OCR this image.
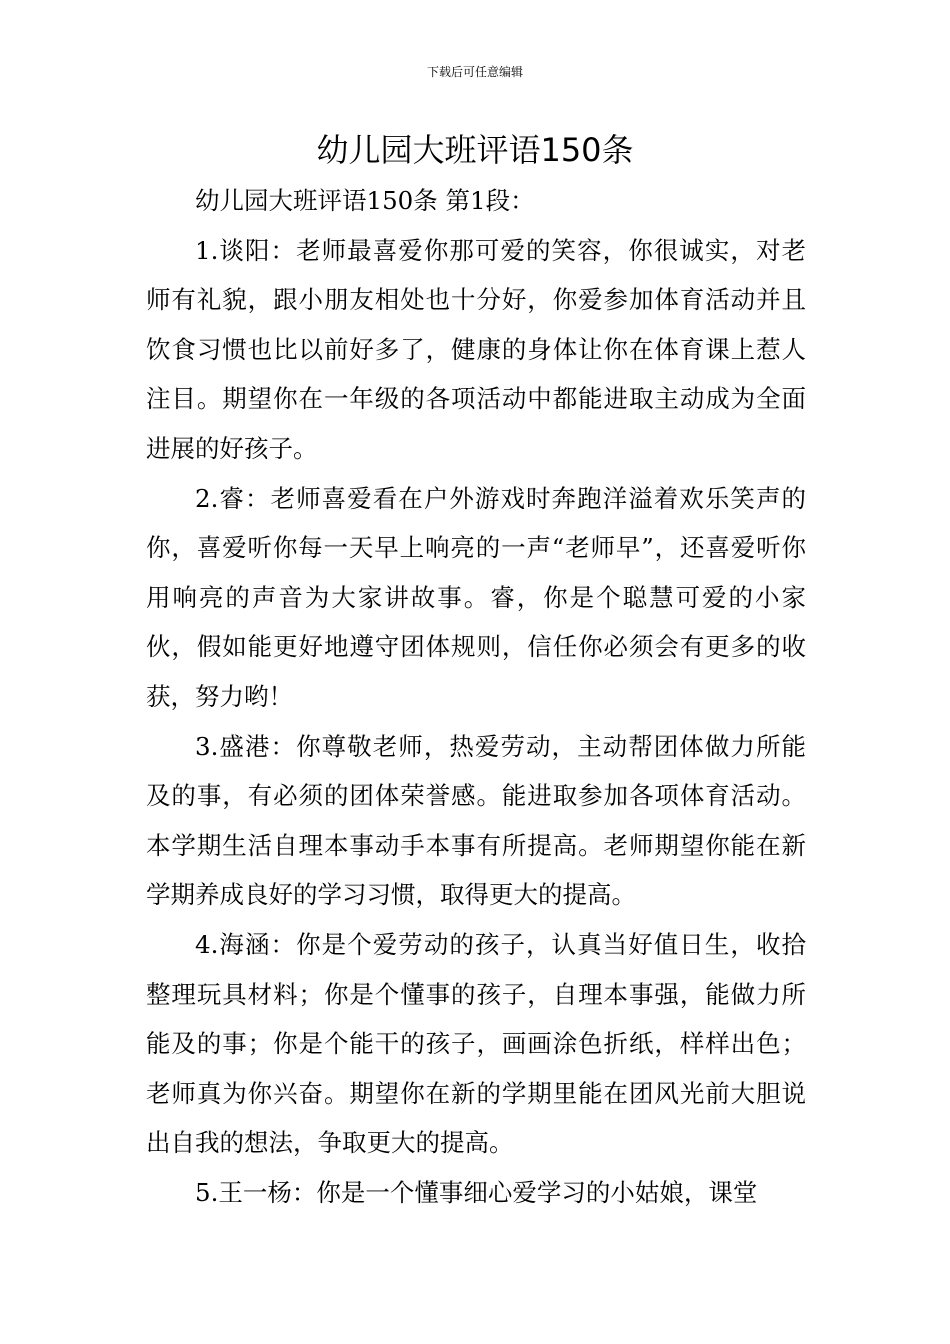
下载后可任意编辑
幼儿园大班评语150条

幼儿园大班评语150条 第1段：

1.谈阳：老师最喜爱你那可爱的笑容，你很诚实，对老师有礼貌，跟小朋友相处也十分好，你爱参加体育活动并且饮食习惯也比以前好多了，健康的身体让你在体育课上惹人注目。期望你在一年级的各项活动中都能进取主动成为全面进展的好孩子。

2.睿：老师喜爱看在户外游戏时奔跑洋溢着欢乐笑声的你，喜爱听你每一天早上响亮的一声“老师早”，还喜爱听你用响亮的声音为大家讲故事。睿，你是个聪慧可爱的小家伙，假如能更好地遵守团体规则，信任你必须会有更多的收获，努力哟！

3.盛港：你尊敬老师，热爱劳动，主动帮团体做力所能及的事，有必须的团体荣誉感。能进取参加各项体育活动。本学期生活自理本事动手本事有所提高。老师期望你能在新学期养成良好的学习习惯，取得更大的提高。

4.海涵：你是个爱劳动的孩子，认真当好值日生，收拾整理玩具材料；你是个懂事的孩子，自理本事强，能做力所能及的事；你是个能干的孩子，画画涂色折纸，样样出色；老师真为你兴奋。期望你在新的学期里能在团风光前大胆说出自我的想法，争取更大的提高。

5.王一杨：你是一个懂事细心爱学习的小姑娘，课堂
